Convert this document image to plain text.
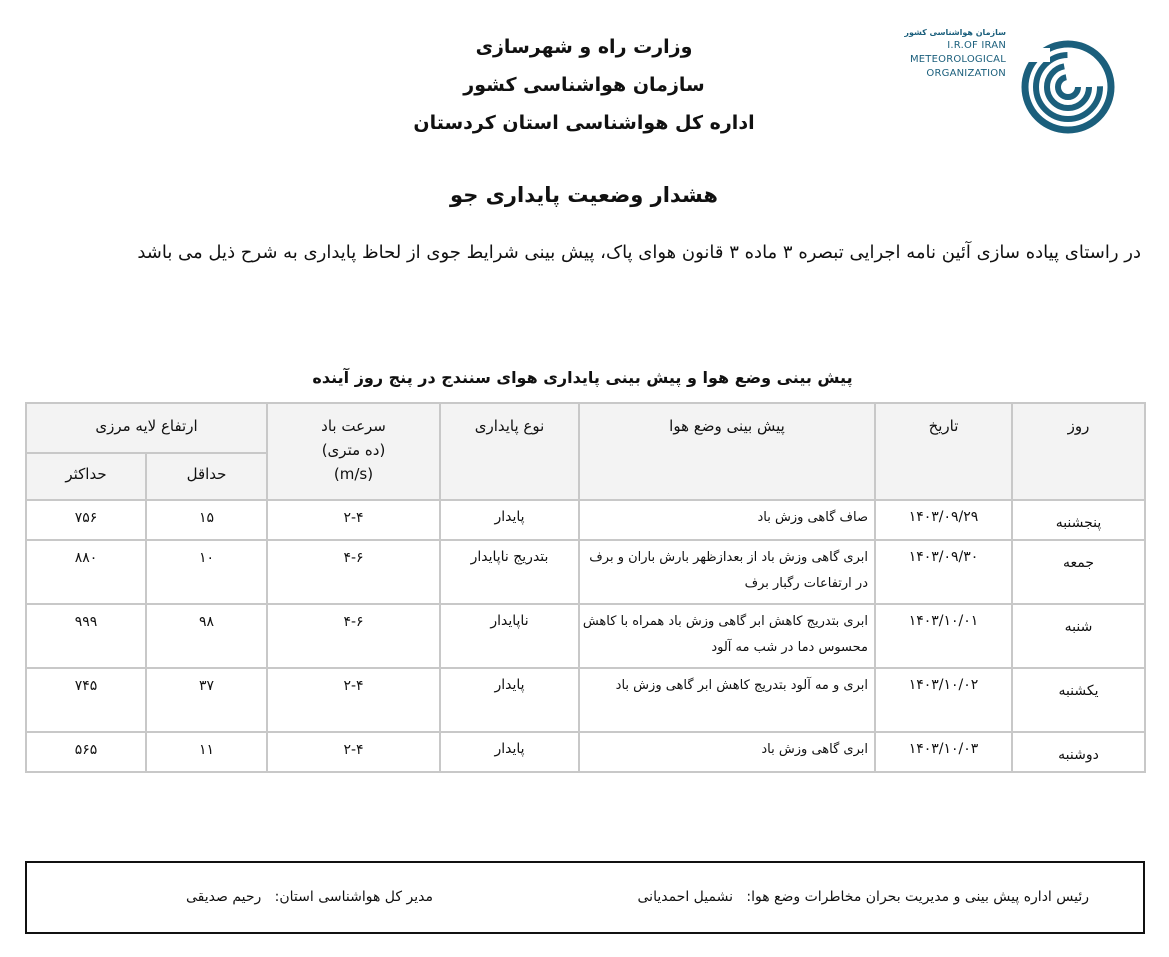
سازمان هواشناسی کشور
I.R.OF IRAN
METEOROLOGICAL
ORGANIZATION
وزارت راه و شهرسازی
سازمان هواشناسی کشور
اداره کل هواشناسی استان کردستان
هشدار وضعیت پایداری جو
در راستای پیاده سازی آئین نامه اجرایی تبصره ۳ ماده ۳ قانون هوای پاک، پیش بینی شرایط جوی از لحاظ پایداری به شرح ذیل می باشد
پیش بینی وضع هوا و پیش بینی پایداری هوای سنندج در پنج روز آینده
روز	تاریخ	پیش بینی وضع هوا	نوع پایداری	سرعت باد
(ده متری)
(m/s)	ارتفاع لایه مرزی	
					حداقل	حداکثر
پنجشنبه	۱۴۰۳/۰۹/۲۹	صاف گاهی وزش باد	پایدار	۲-۴	۱۵	۷۵۶
جمعه	۱۴۰۳/۰۹/۳۰	ابری گاهی وزش باد از بعدازظهر بارش باران و برف در ارتفاعات رگبار برف	بتدریج ناپایدار	۴-۶	۱۰	۸۸۰
شنبه	۱۴۰۳/۱۰/۰۱	ابری بتدریج کاهش ابر گاهی وزش باد همراه با کاهش محسوس دما در شب مه آلود	ناپایدار	۴-۶	۹۸	۹۹۹
یکشنبه	۱۴۰۳/۱۰/۰۲	ابری و مه آلود بتدریج کاهش ابر گاهی وزش باد	پایدار	۲-۴	۳۷	۷۴۵
دوشنبه	۱۴۰۳/۱۰/۰۳	ابری گاهی وزش باد	پایدار	۲-۴	۱۱	۵۶۵
رئیس اداره پیش بینی و مدیریت بحران مخاطرات وضع هوا:   نشمیل احمدیانی
مدیر کل هواشناسی استان:   رحیم صدیقی
